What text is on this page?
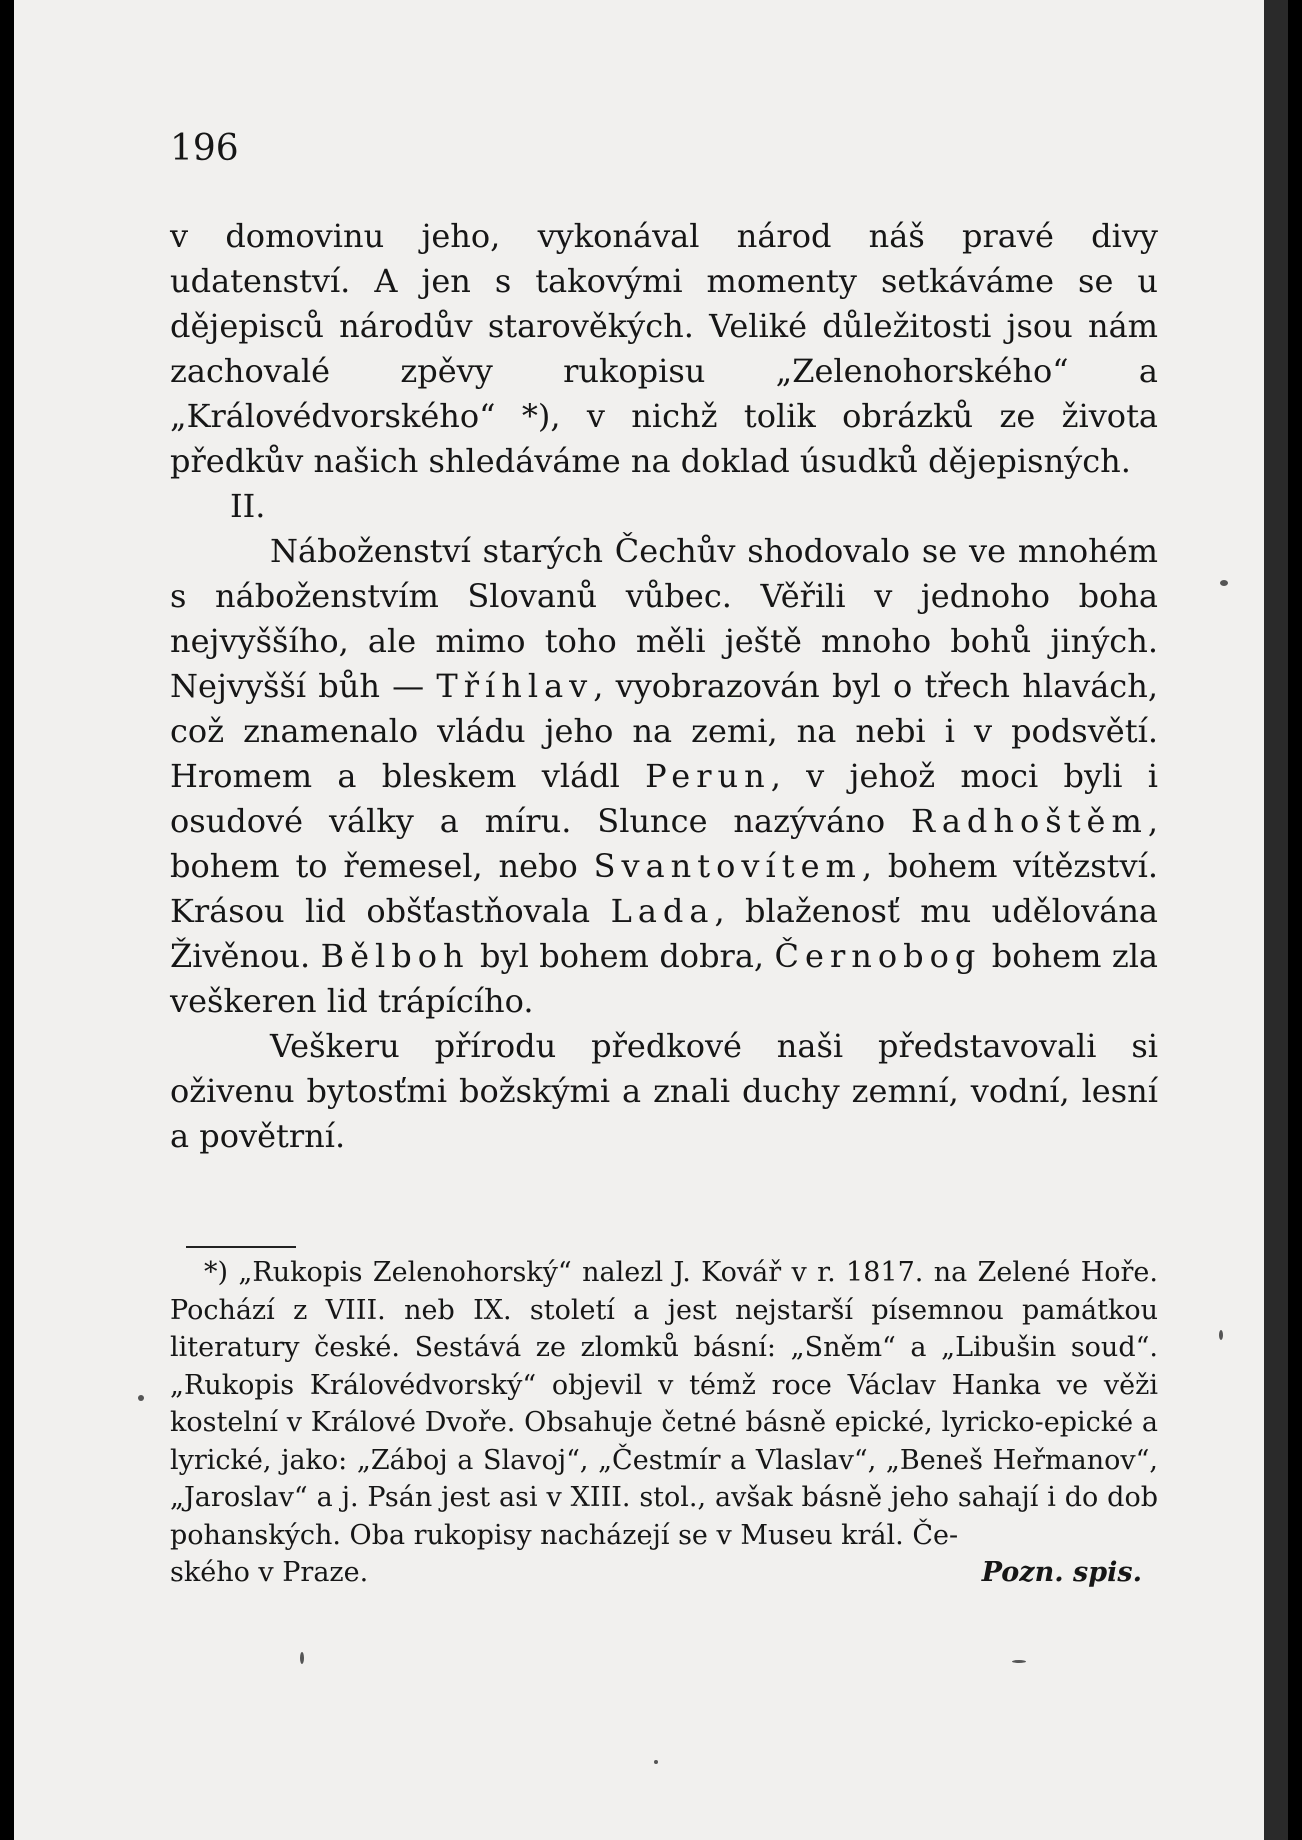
196

v domovinu jeho, vykonával národ náš pravé divy udatenství. A jen s takovými momenty setkáváme se u dějepisců národův starověkých. Veliké důležitosti jsou nám zachovalé zpěvy rukopisu „Zelenohorského“ a „Královédvorského“ *), v nichž tolik obrázků ze života předkův našich shledáváme na doklad úsudků dějepisných.

II.

Náboženství starých Čechův shodovalo se ve mnohém s náboženstvím Slovanů vůbec. Věřili v jednoho boha nejvyššího, ale mimo toho měli ještě mnoho bohů jiných. Nejvyšší bůh — Tříhlav, vyobrazován byl o třech hlavách, což znamenalo vládu jeho na zemi, na nebi i v podsvětí. Hromem a bleskem vládl Perun, v jehož moci byli i osudové války a míru. Slunce nazýváno Radhoštěm, bohem to řemesel, nebo Svantovítem, bohem vítězství. Krásou lid obšťastňovala Lada, blaženosť mu udělována Živěnou. Bělboh byl bohem dobra, Černobog bohem zla veškeren lid trápícího.

Veškeru přírodu předkové naši představovali si oživenu bytosťmi božskými a znali duchy zemní, vodní, lesní a povětrní.

*) „Rukopis Zelenohorský“ nalezl J. Kovář v r. 1817. na Zelené Hoře. Pochází z VIII. neb IX. století a jest nejstarší písemnou památkou literatury české. Sestává ze zlomků básní: „Sněm“ a „Libušin soud“. „Rukopis Královédvorský“ objevil v témž roce Václav Hanka ve věži kostelní v Králové Dvoře. Obsahuje četné básně epické, lyricko-epické a lyrické, jako: „Záboj a Slavoj“, „Čestmír a Vlaslav“, „Beneš Heřmanov“, „Jaroslav“ a j. Psán jest asi v XIII. stol., avšak básně jeho sahají i do dob pohanských. Oba rukopisy nacházejí se v Museu král. Če-

ského v Praze.	Pozn. spis.
